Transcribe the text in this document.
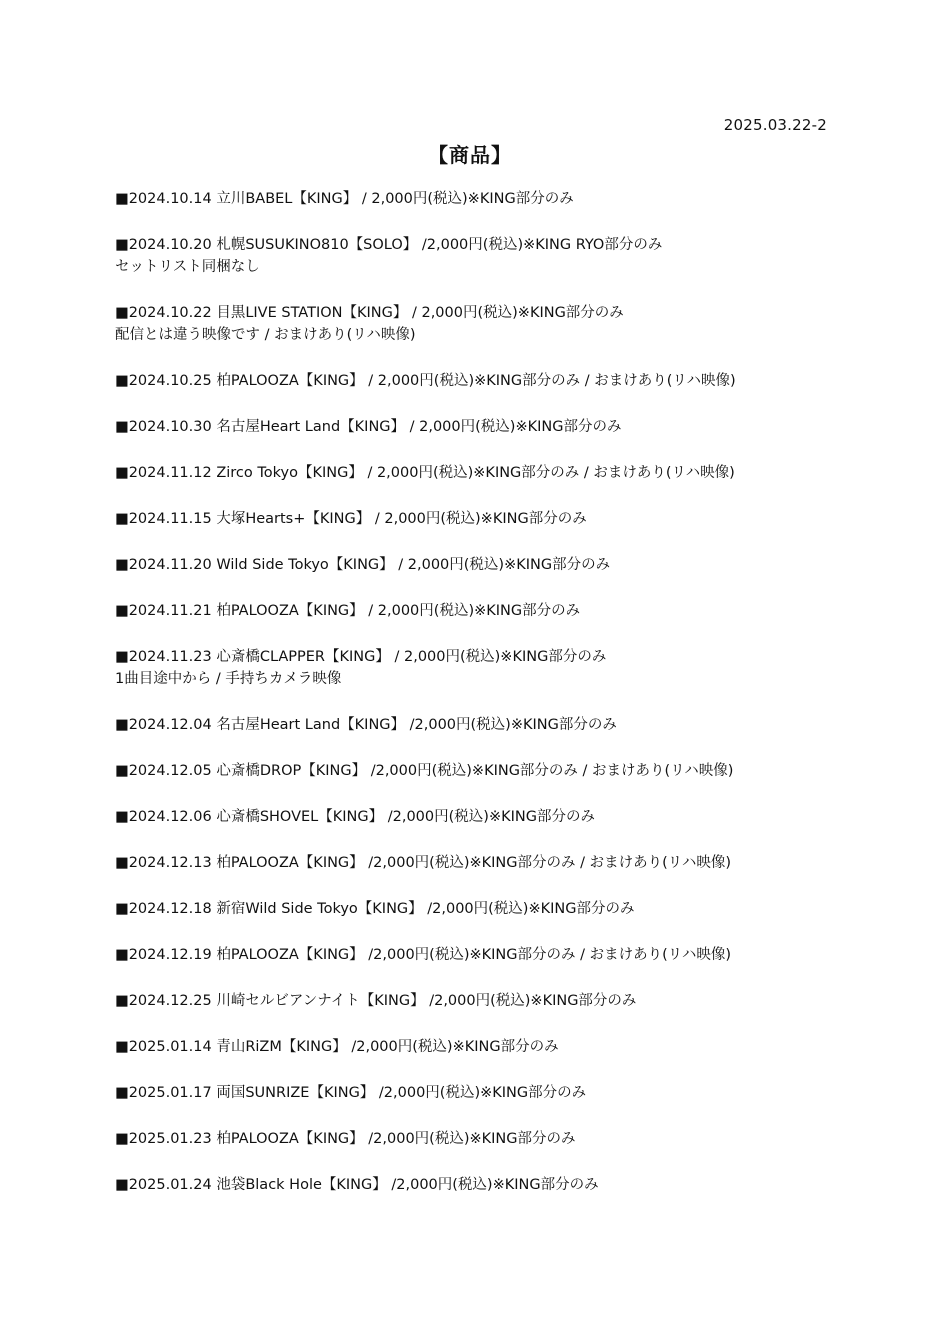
2025.03.22-2
【商品】
■2024.10.14 立川BABEL【KING】 / 2,000円(税込)※KING部分のみ
■2024.10.20 札幌SUSUKINO810【SOLO】 /2,000円(税込)※KING RYO部分のみ
セットリスト同梱なし
■2024.10.22 目黒LIVE STATION【KING】 / 2,000円(税込)※KING部分のみ
配信とは違う映像です / おまけあり(リハ映像)
■2024.10.25 柏PALOOZA【KING】 / 2,000円(税込)※KING部分のみ / おまけあり(リハ映像)
■2024.10.30 名古屋Heart Land【KING】 / 2,000円(税込)※KING部分のみ
■2024.11.12 Zirco Tokyo【KING】 / 2,000円(税込)※KING部分のみ / おまけあり(リハ映像)
■2024.11.15 大塚Hearts+【KING】 / 2,000円(税込)※KING部分のみ
■2024.11.20 Wild Side Tokyo【KING】 / 2,000円(税込)※KING部分のみ
■2024.11.21 柏PALOOZA【KING】 / 2,000円(税込)※KING部分のみ
■2024.11.23 心斎橋CLAPPER【KING】 / 2,000円(税込)※KING部分のみ
1曲目途中から / 手持ちカメラ映像
■2024.12.04 名古屋Heart Land【KING】 /2,000円(税込)※KING部分のみ
■2024.12.05 心斎橋DROP【KING】 /2,000円(税込)※KING部分のみ / おまけあり(リハ映像)
■2024.12.06 心斎橋SHOVEL【KING】 /2,000円(税込)※KING部分のみ
■2024.12.13 柏PALOOZA【KING】 /2,000円(税込)※KING部分のみ / おまけあり(リハ映像)
■2024.12.18 新宿Wild Side Tokyo【KING】 /2,000円(税込)※KING部分のみ
■2024.12.19 柏PALOOZA【KING】 /2,000円(税込)※KING部分のみ / おまけあり(リハ映像)
■2024.12.25 川崎セルビアンナイト【KING】 /2,000円(税込)※KING部分のみ
■2025.01.14 青山RiZM【KING】 /2,000円(税込)※KING部分のみ
■2025.01.17 両国SUNRIZE【KING】 /2,000円(税込)※KING部分のみ
■2025.01.23 柏PALOOZA【KING】 /2,000円(税込)※KING部分のみ
■2025.01.24 池袋Black Hole【KING】 /2,000円(税込)※KING部分のみ
